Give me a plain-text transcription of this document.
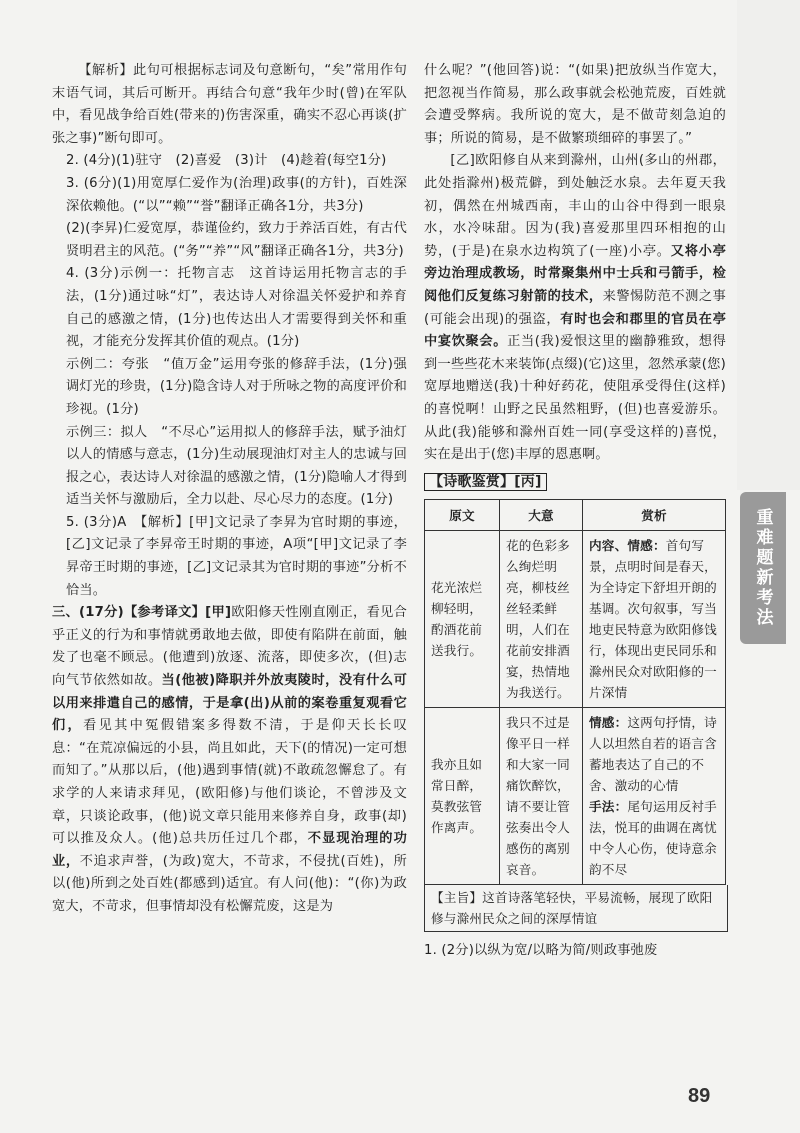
【解析】此句可根据标志词及句意断句，“矣”常用作句末语气词，其后可断开。再结合句意“我年少时(曾)在军队中，看见战争给百姓(带来的)伤害深重，确实不忍心再谈(扩张之事)”断句即可。

2. (4分)(1)驻守　(2)喜爱　(3)计　(4)趁着(每空1分)

3. (6分)(1)用宽厚仁爱作为(治理)政事(的方针)，百姓深深依赖他。(“以”“赖”“誉”翻译正确各1分，共3分)

(2)(李昇)仁爱宽厚，恭谨俭约，致力于养活百姓，有古代贤明君主的风范。(“务”“养”“风”翻译正确各1分，共3分)

4. (3分)示例一：托物言志　这首诗运用托物言志的手法，(1分)通过咏“灯”，表达诗人对徐温关怀爱护和养育自己的感激之情，(1分)也传达出人才需要得到关怀和重视，才能充分发挥其价值的观点。(1分)

示例二：夸张　“值万金”运用夸张的修辞手法，(1分)强调灯光的珍贵，(1分)隐含诗人对于所咏之物的高度评价和珍视。(1分)

示例三：拟人　“不尽心”运用拟人的修辞手法，赋予油灯以人的情感与意志，(1分)生动展现油灯对主人的忠诚与回报之心，表达诗人对徐温的感激之情，(1分)隐喻人才得到适当关怀与激励后，全力以赴、尽心尽力的态度。(1分)

5. (3分)A　【解析】[甲]文记录了李昇为官时期的事迹，[乙]文记录了李昇帝王时期的事迹，A项“[甲]文记录了李昇帝王时期的事迹，[乙]文记录其为官时期的事迹”分析不恰当。

三、(17分)【参考译文】[甲]欧阳修天性刚直刚正，看见合乎正义的行为和事情就勇敢地去做，即使有陷阱在前面，触发了也毫不顾忌。(他遭到)放逐、流落，即使多次，(但)志向气节依然如故。当(他被)降职并外放夷陵时，没有什么可以用来排遣自己的感情，于是拿(出)从前的案卷重复观看它们，看见其中冤假错案多得数不清，于是仰天长长叹息：“在荒凉偏远的小县，尚且如此，天下(的情况)一定可想而知了。”从那以后，(他)遇到事情(就)不敢疏忽懈怠了。有求学的人来请求拜见，(欧阳修)与他们谈论，不曾涉及文章，只谈论政事，(他)说文章只能用来修养自身，政事(却)可以推及众人。(他)总共历任过几个郡，不显现治理的功业，不追求声誉，(为政)宽大，不苛求，不侵扰(百姓)，所以(他)所到之处百姓(都感到)适宜。有人问(他)：“(你)为政宽大，不苛求，但事情却没有松懈荒废，这是为

什么呢？”(他回答)说：“(如果)把放纵当作宽大，把忽视当作简易，那么政事就会松弛荒废，百姓就会遭受弊病。我所说的宽大，是不做苛刻急迫的事；所说的简易，是不做繁琐细碎的事罢了。”

[乙]欧阳修自从来到滁州，山州(多山的州郡，此处指滁州)极荒僻，到处触泛水泉。去年夏天我初，偶然在州城西南，丰山的山谷中得到一眼泉水，水冷味甜。因为(我)喜爱那里四环相抱的山势，(于是)在泉水边构筑了(一座)小亭。又将小亭旁边治理成教场，时常聚集州中士兵和弓箭手，检阅他们反复练习射箭的技术，来警惕防范不测之事(可能会出现)的强盗，有时也会和郡里的官员在亭中宴饮聚会。正当(我)爱恨这里的幽静雅致，想得到一些些花木来装饰(点缀)(它)这里，忽然承蒙(您)宽厚地赠送(我)十种好药花，使阻承受得住(这样)的喜悦啊！山野之民虽然粗野，(但)也喜爱游乐。从此(我)能够和滁州百姓一同(享受这样的)喜悦，实在是出于(您)丰厚的恩惠啊。

【诗歌鉴赏】[丙]

原文	大意	赏析
花光浓烂柳轻明，酌酒花前送我行。	花的色彩多么绚烂明亮，柳枝丝丝轻柔鲜明，人们在花前安排酒宴，热情地为我送行。	内容、情感：首句写景，点明时间是春天，为全诗定下舒坦开朗的基调。次句叙事，写当地吏民特意为欧阳修饯行，体现出吏民同乐和滁州民众对欧阳修的一片深情
我亦且如常日醉，莫教弦管作离声。	我只不过是像平日一样和大家一同痛饮醉饮，请不要让管弦奏出令人感伤的离别哀音。	情感：这两句抒情，诗人以坦然自若的语言含蓄地表达了自己的不舍、激动的心情
手法：尾句运用反衬手法，悦耳的曲调在离忧中令人心伤，使诗意余韵不尽
【主旨】这首诗落笔轻快，平易流畅，展现了欧阳修与滁州民众之间的深厚情谊

1. (2分)以纵为宽/以略为简/则政事弛废

重难题新考法
89
